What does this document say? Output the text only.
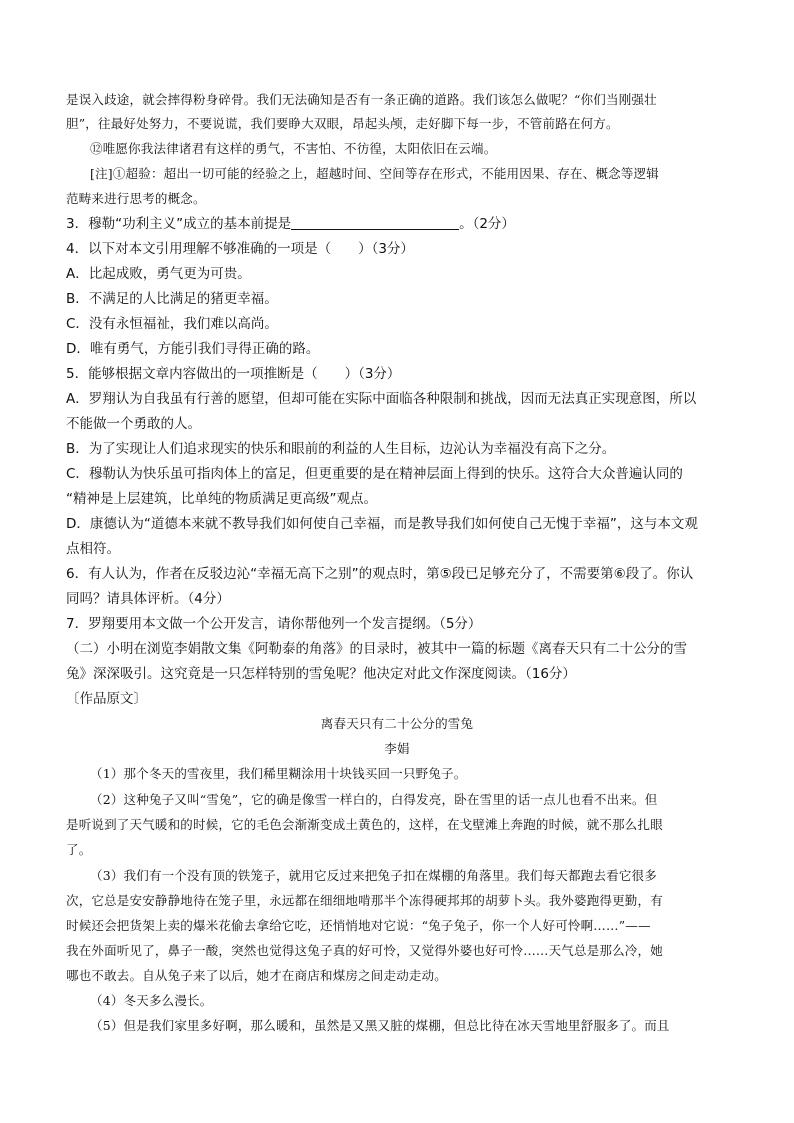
是误入歧途，就会摔得粉身碎骨。我们无法确知是否有一条正确的道路。我们该怎么做呢？“你们当刚强壮
胆”，往最好处努力，不要说谎，我们要睁大双眼，昂起头颅，走好脚下每一步，不管前路在何方。
⑫唯愿你我法律诸君有这样的勇气，不害怕、不彷徨，太阳依旧在云端。
[注]①超验：超出一切可能的经验之上，超越时间、空间等存在形式，不能用因果、存在、概念等逻辑
范畴来进行思考的概念。
3．穆勒“功利主义”成立的基本前提是	。（2分）
4．以下对本文引用理解不够准确的一项是（　　）（3分）
A．比起成败，勇气更为可贵。
B．不满足的人比满足的猪更幸福。
C．没有永恒福祉，我们难以高尚。
D．唯有勇气，方能引我们寻得正确的路。
5．能够根据文章内容做出的一项推断是（　　）（3分）
A．罗翔认为自我虽有行善的愿望，但却可能在实际中面临各种限制和挑战，因而无法真正实现意图，所以
不能做一个勇敢的人。
B．为了实现让人们追求现实的快乐和眼前的利益的人生目标，边沁认为幸福没有高下之分。
C．穆勒认为快乐虽可指肉体上的富足，但更重要的是在精神层面上得到的快乐。这符合大众普遍认同的
“精神是上层建筑，比单纯的物质满足更高级”观点。
D．康德认为“道德本来就不教导我们如何使自己幸福，而是教导我们如何使自己无愧于幸福”，这与本文观
点相符。
6．有人认为，作者在反驳边沁“幸福无高下之别”的观点时，第⑤段已足够充分了，不需要第⑥段了。你认
同吗？请具体评析。（4分）
7．罗翔要用本文做一个公开发言，请你帮他列一个发言提纲。（5分）
（二）小明在浏览李娟散文集《阿勒泰的角落》的目录时，被其中一篇的标题《离春天只有二十公分的雪
兔》深深吸引。这究竟是一只怎样特别的雪兔呢？他决定对此文作深度阅读。（16分）
〔作品原文〕
离春天只有二十公分的雪兔
李娟
（1）那个冬天的雪夜里，我们稀里糊涂用十块钱买回一只野兔子。
（2）这种兔子又叫“雪兔”，它的确是像雪一样白的，白得发亮，卧在雪里的话一点儿也看不出来。但
是听说到了天气暖和的时候，它的毛色会渐渐变成土黄色的，这样，在戈壁滩上奔跑的时候，就不那么扎眼
了。
（3）我们有一个没有顶的铁笼子，就用它反过来把兔子扣在煤棚的角落里。我们每天都跑去看它很多
次，它总是安安静静地待在笼子里，永远都在细细地啃那半个冻得硬邦邦的胡萝卜头。我外婆跑得更勤，有
时候还会把货架上卖的爆米花偷去拿给它吃，还悄悄地对它说：“兔子兔子，你一个人好可怜啊……”——
我在外面听见了，鼻子一酸，突然也觉得这兔子真的好可怜，又觉得外婆也好可怜……天气总是那么冷，她
哪也不敢去。自从兔子来了以后，她才在商店和煤房之间走动走动。
（4）冬天多么漫长。
（5）但是我们家里多好啊，那么暖和，虽然是又黑又脏的煤棚，但总比待在冰天雪地里舒服多了。而且
